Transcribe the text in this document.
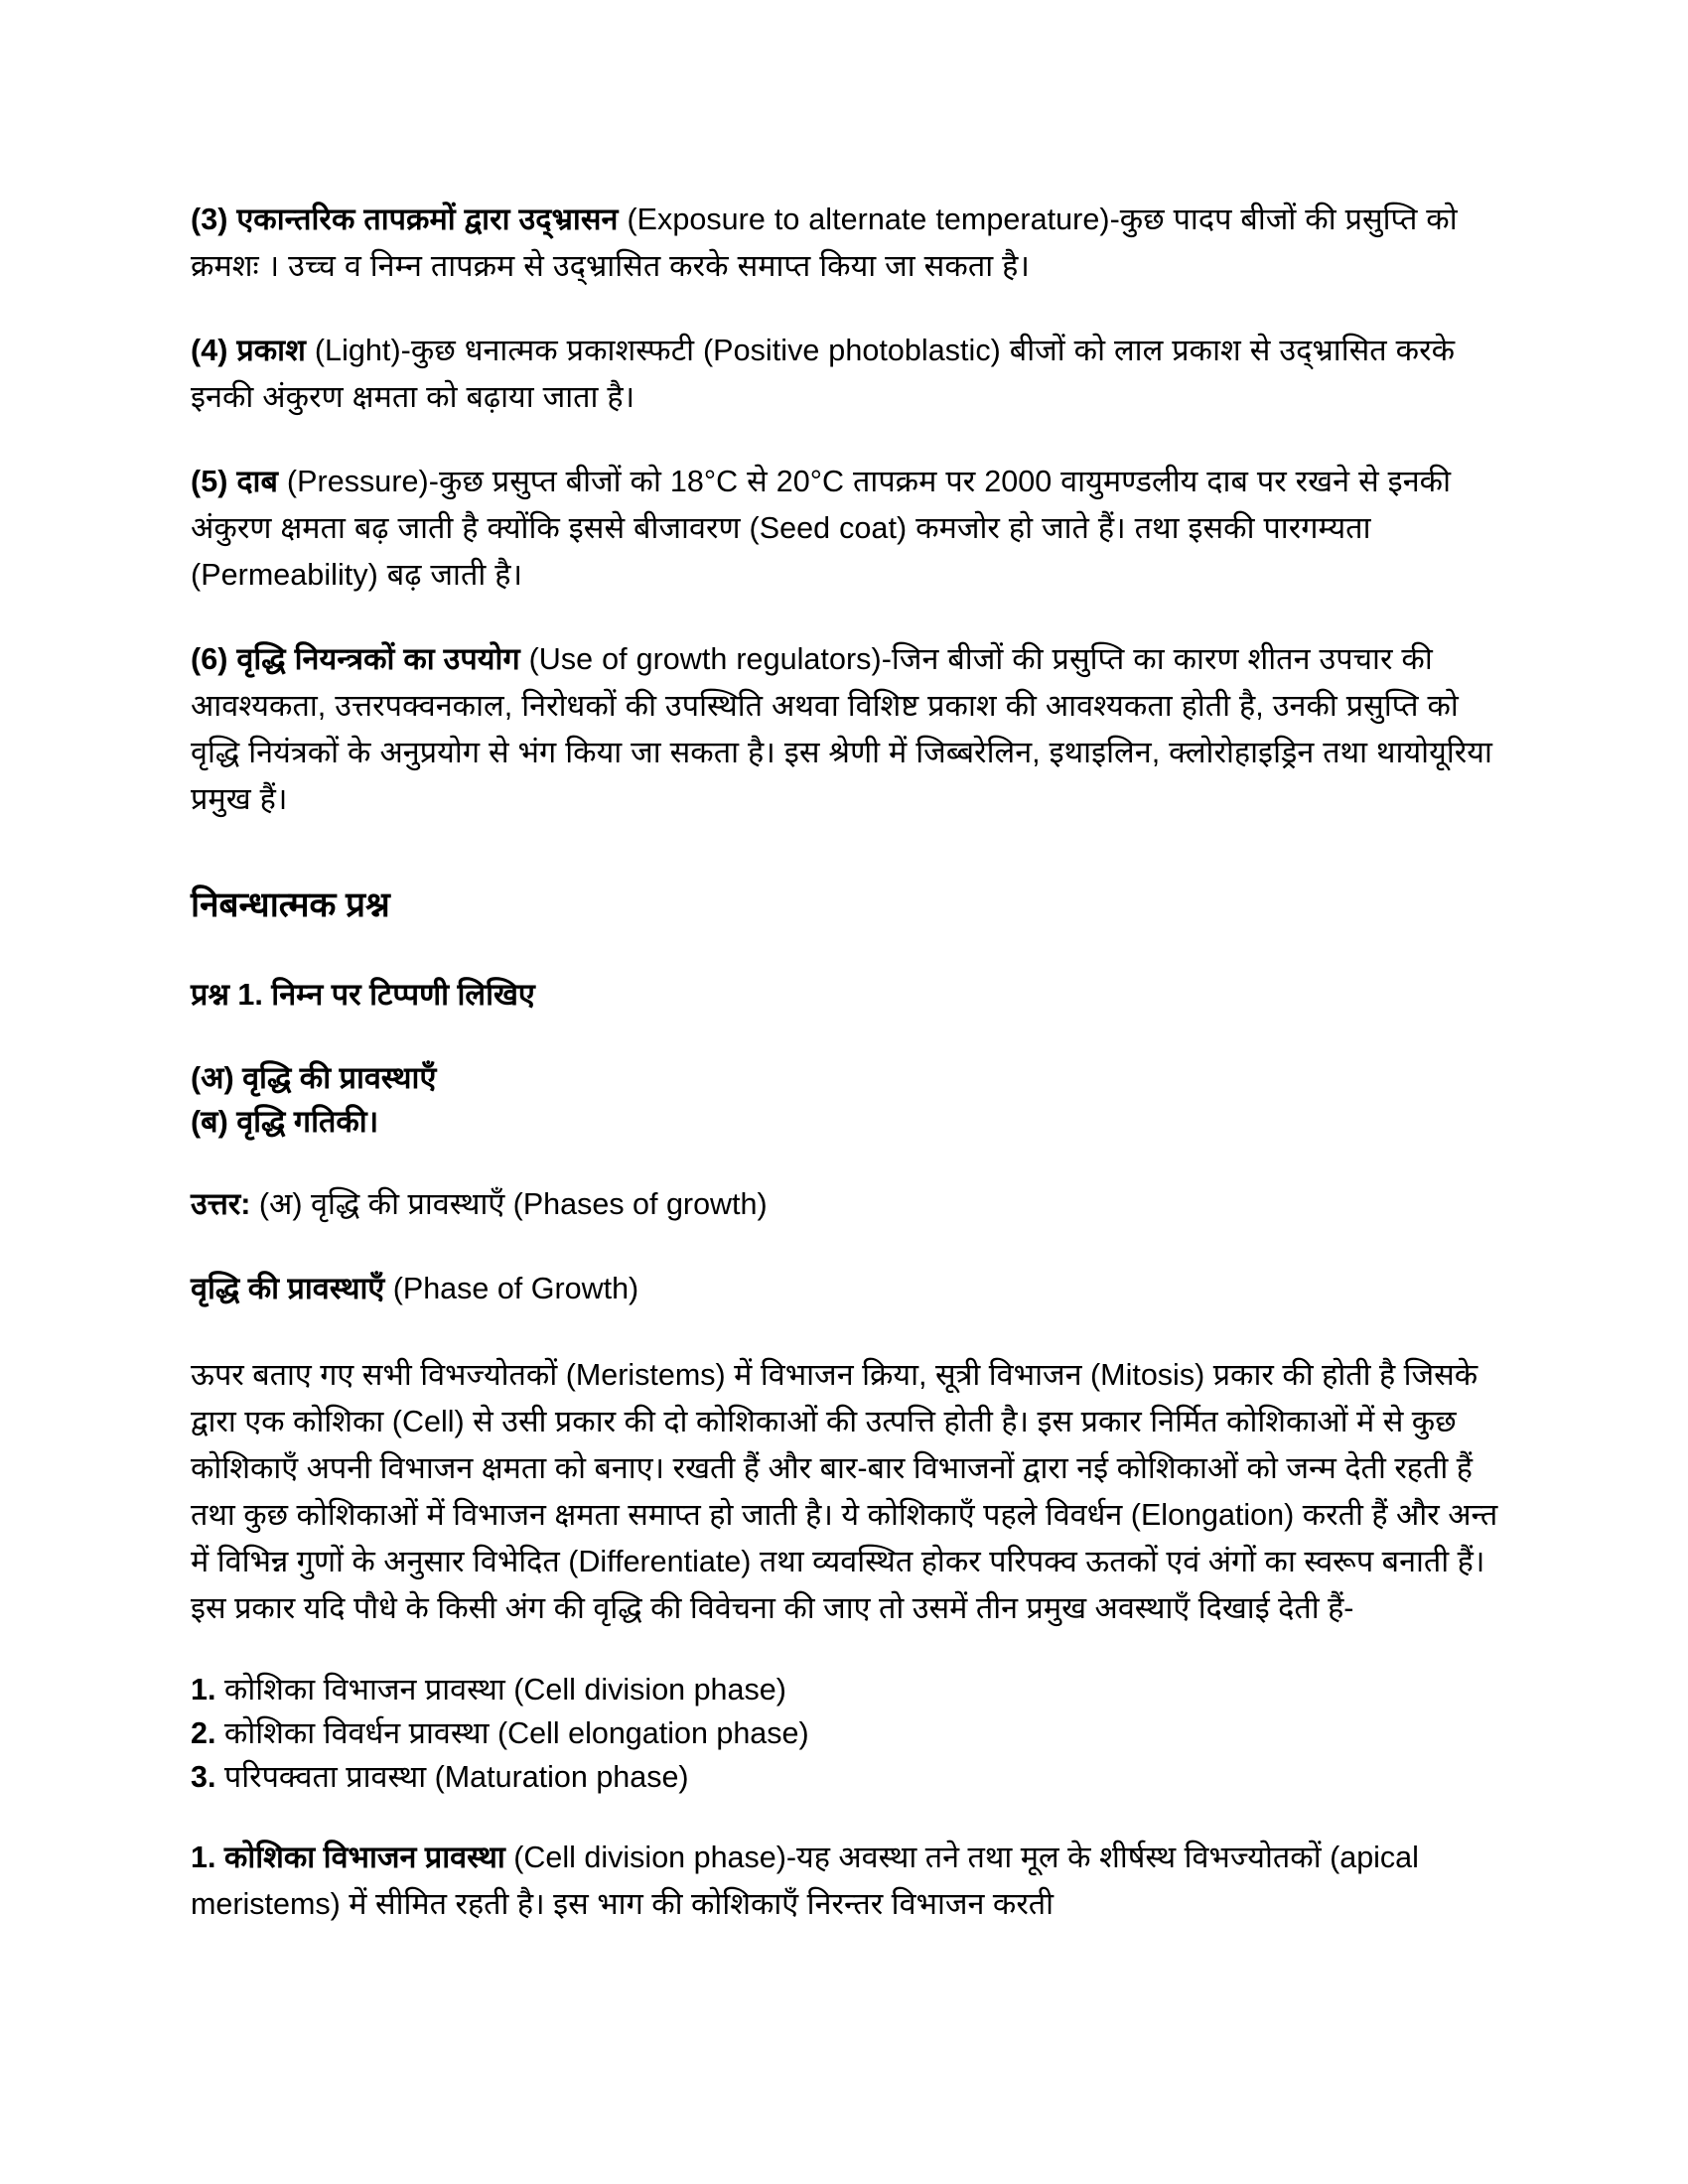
(3) एकान्तरिक तापक्रमों द्वारा उद्भ्रासन (Exposure to alternate temperature)-कुछ पादप बीजों की प्रसुप्ति को क्रमशः । उच्च व निम्न तापक्रम से उद्भ्रासित करके समाप्त किया जा सकता है।

(4) प्रकाश (Light)-कुछ धनात्मक प्रकाशस्फटी (Positive photoblastic) बीजों को लाल प्रकाश से उद्भ्रासित करके इनकी अंकुरण क्षमता को बढ़ाया जाता है।

(5) दाब (Pressure)-कुछ प्रसुप्त बीजों को 18°C से 20°C तापक्रम पर 2000 वायुमण्डलीय दाब पर रखने से इनकी अंकुरण क्षमता बढ़ जाती है क्योंकि इससे बीजावरण (Seed coat) कमजोर हो जाते हैं। तथा इसकी पारगम्यता (Permeability) बढ़ जाती है।

(6) वृद्धि नियन्त्रकों का उपयोग (Use of growth regulators)-जिन बीजों की प्रसुप्ति का कारण शीतन उपचार की आवश्यकता, उत्तरपक्वनकाल, निरोधकों की उपस्थिति अथवा विशिष्ट प्रकाश की आवश्यकता होती है, उनकी प्रसुप्ति को वृद्धि नियंत्रकों के अनुप्रयोग से भंग किया जा सकता है। इस श्रेणी में जिब्बरेलिन, इथाइलिन, क्लोरोहाइड्रिन तथा थायोयूरिया प्रमुख हैं।

निबन्धात्मक प्रश्न
प्रश्न 1. निम्न पर टिप्पणी लिखिए
(अ) वृद्धि की प्रावस्थाएँ
(ब) वृद्धि गतिकी।

उत्तर: (अ) वृद्धि की प्रावस्थाएँ (Phases of growth)

वृद्धि की प्रावस्थाएँ (Phase of Growth)

ऊपर बताए गए सभी विभज्योतकों (Meristems) में विभाजन क्रिया, सूत्री विभाजन (Mitosis) प्रकार की होती है जिसके द्वारा एक कोशिका (Cell) से उसी प्रकार की दो कोशिकाओं की उत्पत्ति होती है। इस प्रकार निर्मित कोशिकाओं में से कुछ कोशिकाएँ अपनी विभाजन क्षमता को बनाए। रखती हैं और बार-बार विभाजनों द्वारा नई कोशिकाओं को जन्म देती रहती हैं तथा कुछ कोशिकाओं में विभाजन क्षमता समाप्त हो जाती है। ये कोशिकाएँ पहले विवर्धन (Elongation) करती हैं और अन्त में विभिन्न गुणों के अनुसार विभेदित (Differentiate) तथा व्यवस्थित होकर परिपक्व ऊतकों एवं अंगों का स्वरूप बनाती हैं। इस प्रकार यदि पौधे के किसी अंग की वृद्धि की विवेचना की जाए तो उसमें तीन प्रमुख अवस्थाएँ दिखाई देती हैं-

1. कोशिका विभाजन प्रावस्था (Cell division phase)
2. कोशिका विवर्धन प्रावस्था (Cell elongation phase)
3. परिपक्वता प्रावस्था (Maturation phase)

1. कोशिका विभाजन प्रावस्था (Cell division phase)-यह अवस्था तने तथा मूल के शीर्षस्थ विभज्योतकों (apical meristems) में सीमित रहती है। इस भाग की कोशिकाएँ निरन्तर विभाजन करती
